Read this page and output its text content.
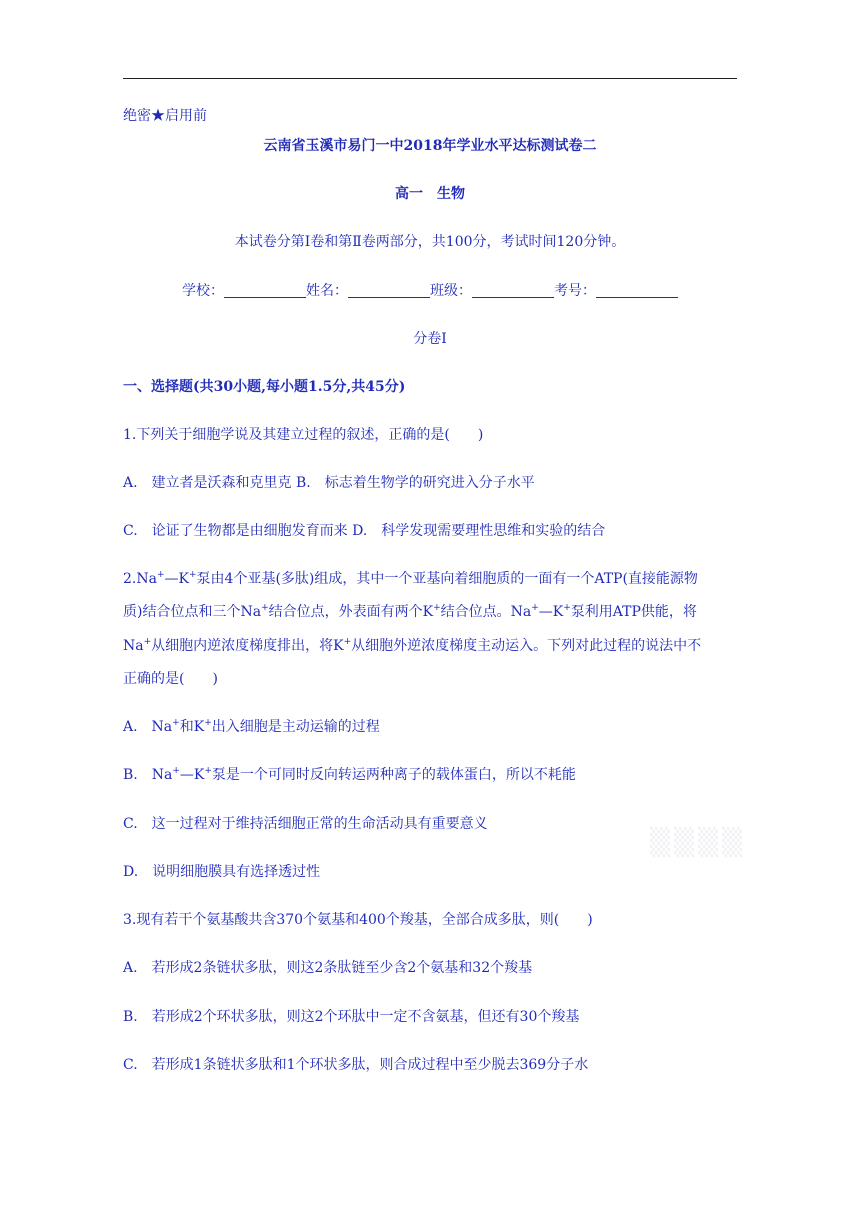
绝密★启用前
云南省玉溪市易门一中2018年学业水平达标测试卷二
高一　生物
本试卷分第Ⅰ卷和第Ⅱ卷两部分，共100分，考试时间120分钟。
学校：	姓名：	班级：	考号：
分卷I
一、选择题(共30小题,每小题1.5分,共45分)
1.下列关于细胞学说及其建立过程的叙述，正确的是(　　)
A.　建立者是沃森和克里克 B.　标志着生物学的研究进入分子水平
C.　论证了生物都是由细胞发育而来 D.　科学发现需要理性思维和实验的结合
2.Na+—K+泵由4个亚基(多肽)组成，其中一个亚基向着细胞质的一面有一个ATP(直接能源物
质)结合位点和三个Na+结合位点，外表面有两个K+结合位点。Na+—K+泵利用ATP供能，将
Na+从细胞内逆浓度梯度排出，将K+从细胞外逆浓度梯度主动运入。下列对此过程的说法中不
正确的是(　　)
A.　Na+和K+出入细胞是主动运输的过程
B.　Na+—K+泵是一个可同时反向转运两种离子的载体蛋白，所以不耗能
C.　这一过程对于维持活细胞正常的生命活动具有重要意义
D.　说明细胞膜具有选择透过性
3.现有若干个氨基酸共含370个氨基和400个羧基，全部合成多肽，则(　　)
A.　若形成2条链状多肽，则这2条肽链至少含2个氨基和32个羧基
B.　若形成2个环状多肽，则这2个环肽中一定不含氨基，但还有30个羧基
C.　若形成1条链状多肽和1个环状多肽，则合成过程中至少脱去369分子水
▒▒▒▒
